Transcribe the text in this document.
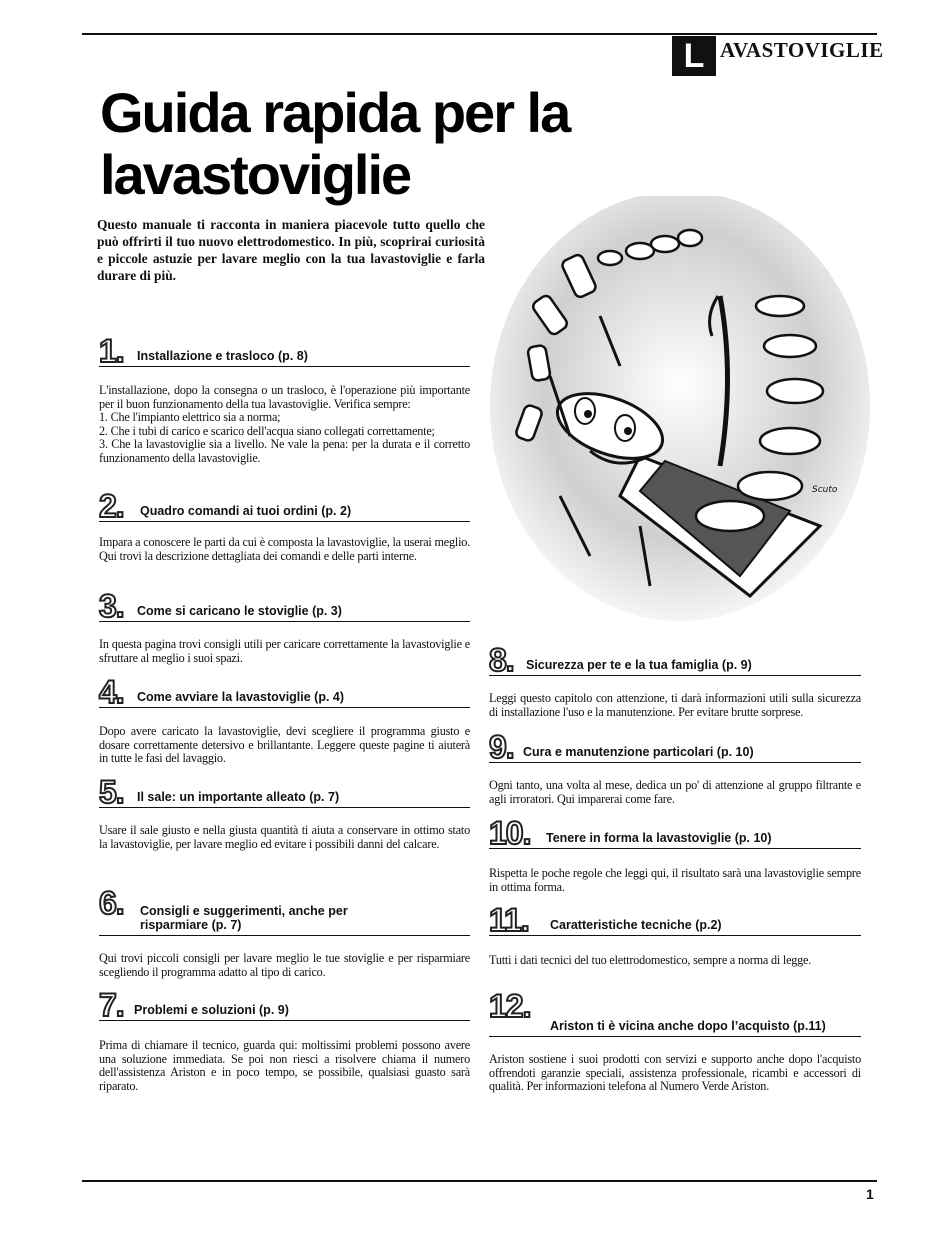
L AVASTOVIGLIE
Guida rapida per la lavastoviglie

Questo manuale ti racconta in maniera piacevole tutto quello che può offrirti il tuo nuovo elettrodomestico. In più, scoprirai curiosità e piccole astuzie per lavare meglio con la tua lavastoviglie e farla durare di più.

Scuto
1. Installazione e trasloco (p. 8)

L'installazione, dopo la consegna o un trasloco, è l'operazione più importante per il buon funzionamento della tua lavastoviglie. Verifica sempre:

1. Che l'impianto elettrico sia a norma;

2. Che i tubi di carico e scarico dell'acqua siano collegati correttamente;

3. Che la lavastoviglie sia a livello. Ne vale la pena: per la durata e il corretto funzionamento della lavastoviglie.

2. Quadro comandi ai tuoi ordini (p. 2)

Impara a conoscere le parti da cui è composta la lavastoviglie, la userai meglio. Qui trovi la descrizione dettagliata dei comandi e delle parti interne.

3. Come si caricano le stoviglie (p. 3)

In questa pagina trovi consigli utili per caricare correttamente la lavastoviglie e sfruttare al meglio i suoi spazi.

4. Come avviare la lavastoviglie (p. 4)

Dopo avere caricato la lavastoviglie, devi scegliere il programma giusto e dosare correttamente detersivo e brillantante. Leggere queste pagine ti aiuterà in tutte le fasi del lavaggio.

5. Il sale: un importante alleato (p. 7)

Usare il sale giusto e nella giusta quantità ti aiuta a conservare in ottimo stato la lavastoviglie, per lavare meglio ed evitare i possibili danni del calcare.

6. Consigli e suggerimenti, anche per risparmiare (p. 7)

Qui trovi piccoli consigli per lavare meglio le tue stoviglie e per risparmiare scegliendo il programma adatto al tipo di carico.

7. Problemi e soluzioni (p. 9)

Prima di chiamare il tecnico, guarda qui: moltissimi problemi possono avere una soluzione immediata. Se poi non riesci a risolvere chiama il numero dell'assistenza Ariston e in poco tempo, se possibile, qualsiasi guasto sarà riparato.

8. Sicurezza per te e la tua famiglia (p. 9)

Leggi questo capitolo con attenzione, ti darà informazioni utili sulla sicurezza di installazione l'uso e la manutenzione. Per evitare brutte sorprese.

9. Cura e manutenzione particolari (p. 10)

Ogni tanto, una volta al mese, dedica un po' di attenzione al gruppo filtrante e agli irroratori. Qui imparerai come fare.

10. Tenere in forma la lavastoviglie (p. 10)

Rispetta le poche regole che leggi qui, il risultato sarà una lavastoviglie sempre in ottima forma.

11. Caratteristiche tecniche (p.2)

Tutti i dati tecnici del tuo elettrodomestico, sempre a norma di legge.

12.
Ariston ti è vicina anche dopo l’acquisto (p.11)

Ariston sostiene i suoi prodotti con servizi e supporto anche dopo l'acquisto offrendoti garanzie speciali, assistenza professionale, ricambi e accessori di qualità. Per informazioni telefona al Numero Verde Ariston.

1
